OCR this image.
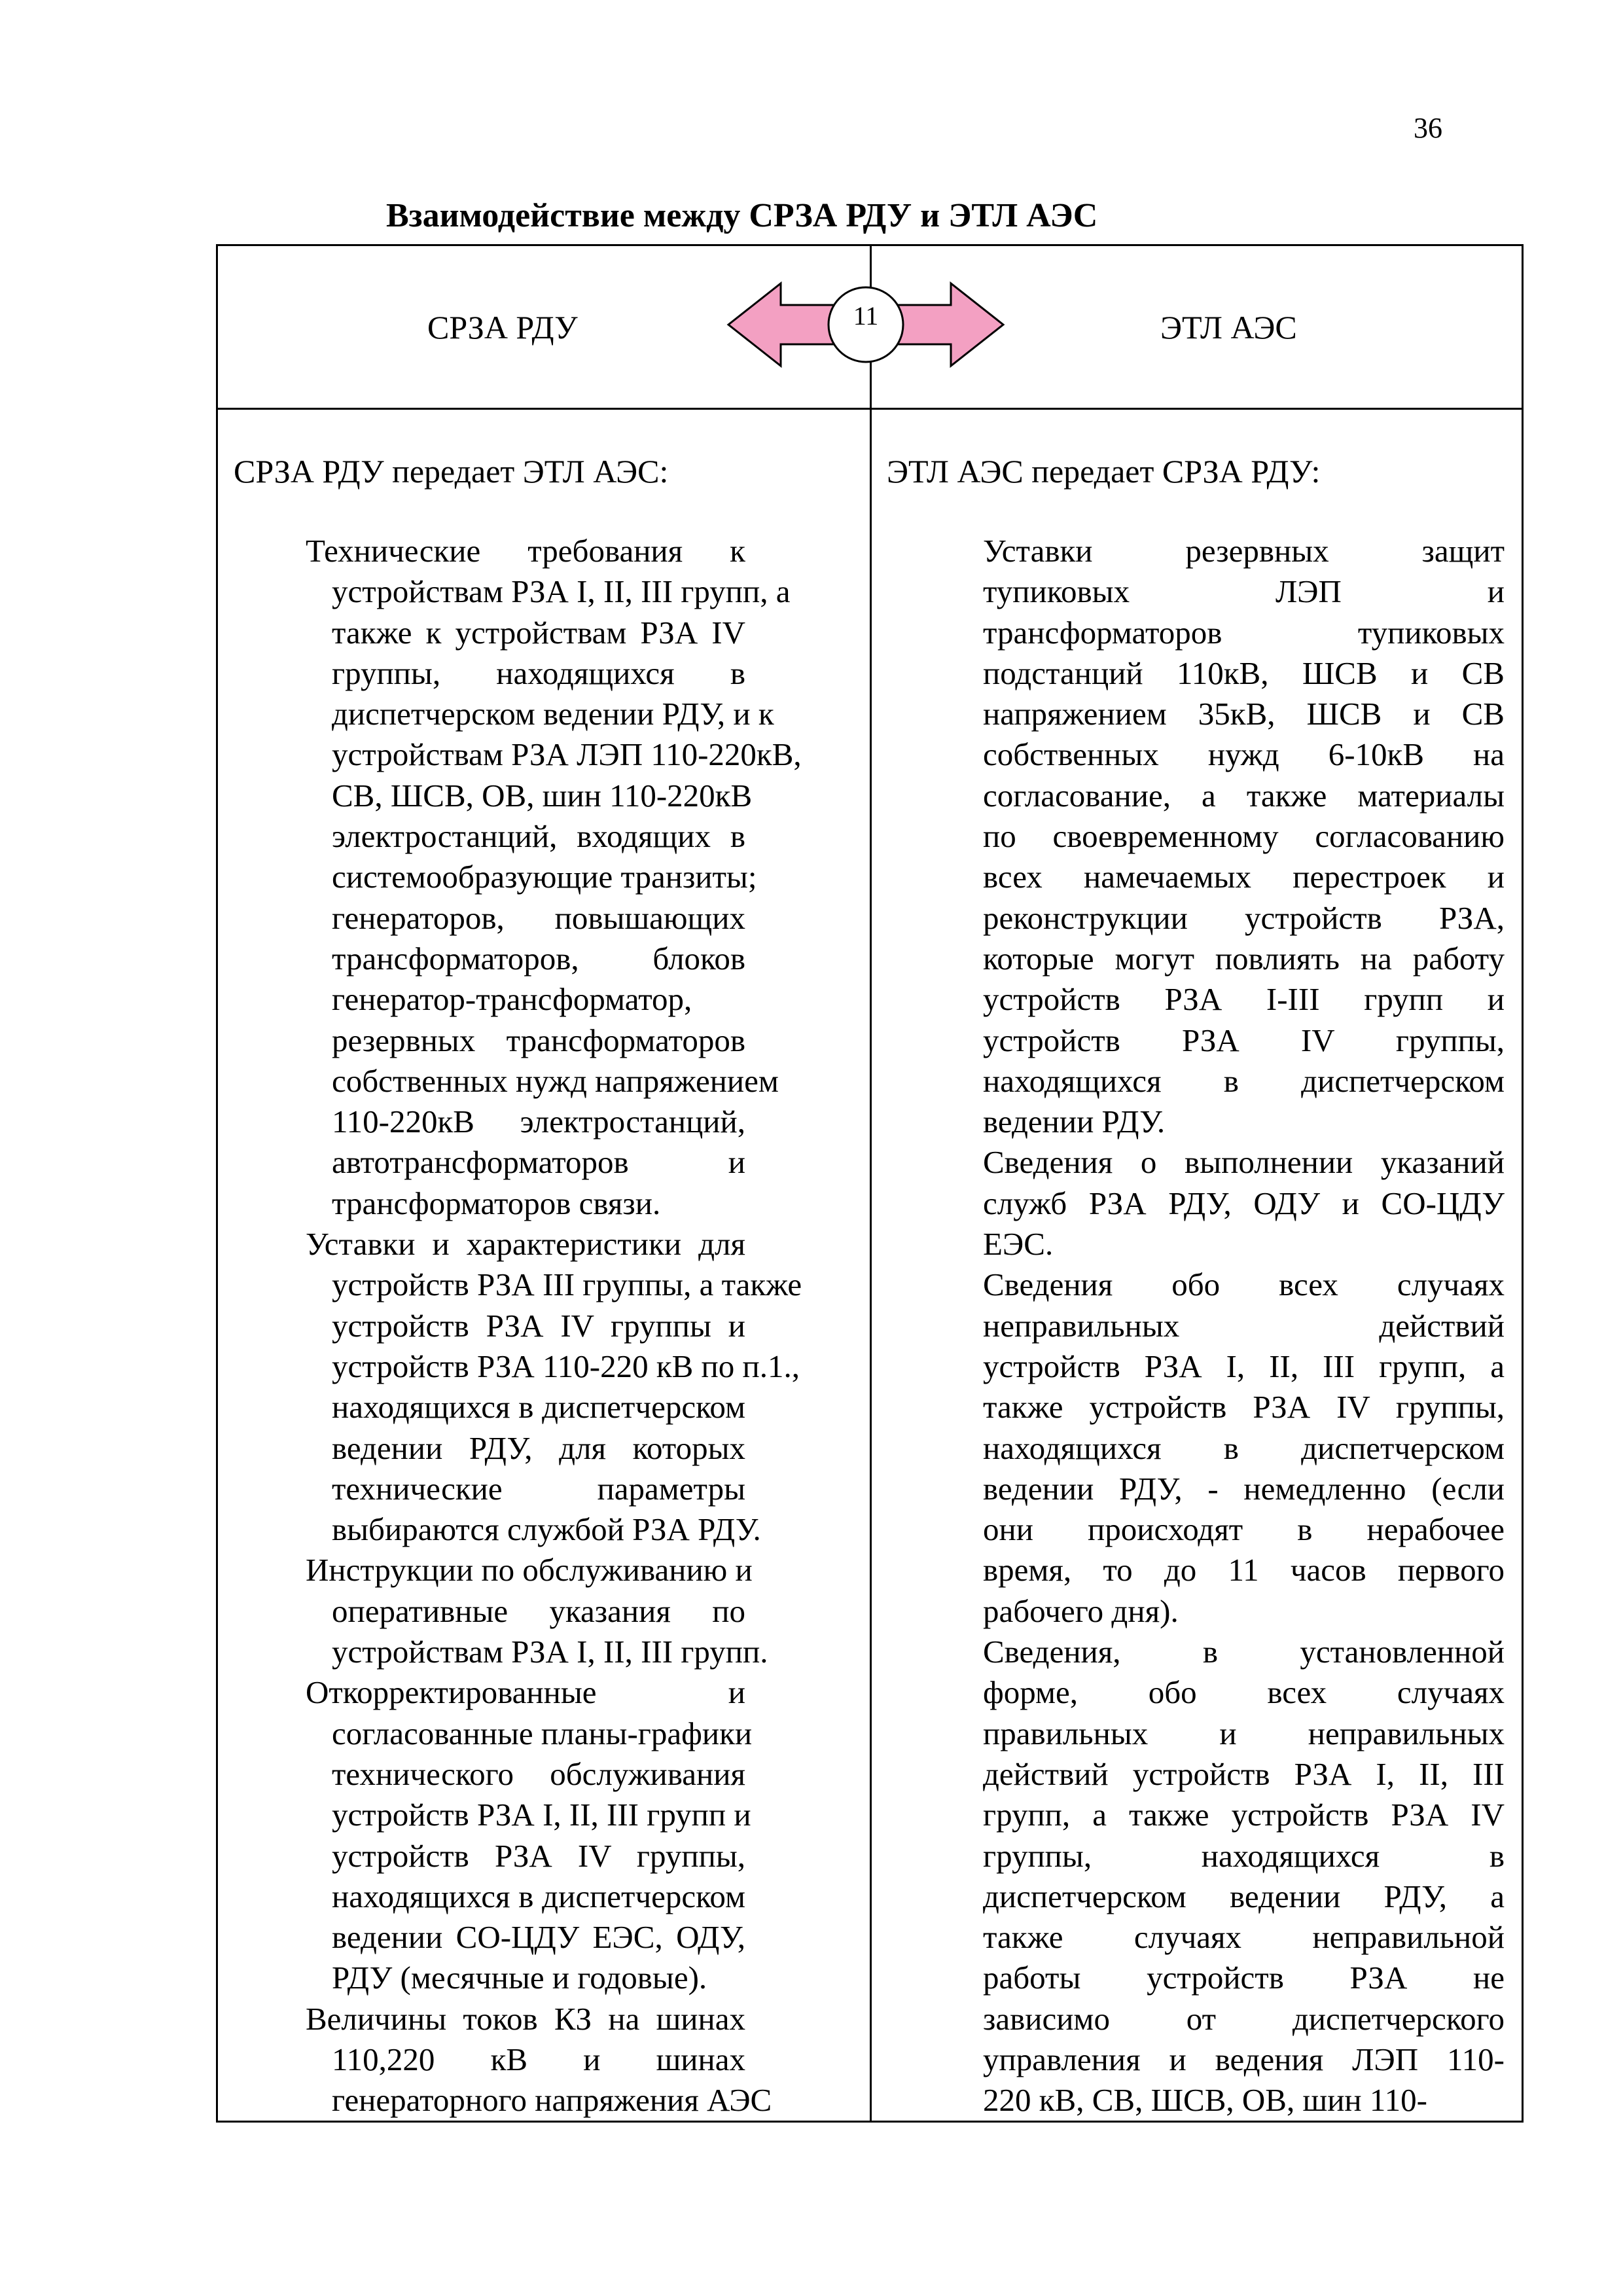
36
Взаимодействие между СРЗА РДУ и ЭТЛ АЭС
СРЗА РДУ	ЭТЛ АЭС
11
СРЗА РДУ передает ЭТЛ АЭС:	ЭТЛ АЭС передает СРЗА РДУ:
Технические требования к
устройствам РЗА I, II, III групп, а
также к устройствам РЗА IV
группы, находящихся в
диспетчерском ведении РДУ, и к
устройствам РЗА ЛЭП 110-220кВ,
СВ, ШСВ, ОВ, шин 110-220кВ
электростанций, входящих в
системообразующие транзиты;
генераторов, повышающих
трансформаторов, блоков
генератор-трансформатор,
резервных трансформаторов
собственных нужд напряжением
110-220кВ электростанций,
автотрансформаторов и
трансформаторов связи.
Уставки и характеристики для
устройств РЗА III группы, а также
устройств РЗА IV группы и
устройств РЗА 110-220 кВ по п.1.,
находящихся в диспетчерском
ведении РДУ, для которых
технические параметры
выбираются службой РЗА РДУ.
Инструкции по обслуживанию и
оперативные указания по
устройствам РЗА I, II, III групп.
Откорректированные и
согласованные планы-графики
технического обслуживания
устройств РЗА I, II, III групп и
устройств РЗА IV группы,
находящихся в диспетчерском
ведении СО-ЦДУ ЕЭС, ОДУ,
РДУ (месячные и годовые).
Величины токов КЗ на шинах
110,220 кВ и шинах
генераторного напряжения АЭС
Уставки резервных защит
тупиковых ЛЭП и
трансформаторов тупиковых
подстанций 110кВ, ШСВ и СВ
напряжением 35кВ, ШСВ и СВ
собственных нужд 6-10кВ на
согласование, а также материалы
по своевременному согласованию
всех намечаемых перестроек и
реконструкции устройств РЗА,
которые могут повлиять на работу
устройств РЗА I-III групп и
устройств РЗА IV группы,
находящихся в диспетчерском
ведении РДУ.
Сведения о выполнении указаний
служб РЗА РДУ, ОДУ и СО-ЦДУ
ЕЭС.
Сведения обо всех случаях
неправильных действий
устройств РЗА I, II, III групп, а
также устройств РЗА IV группы,
находящихся в диспетчерском
ведении РДУ, - немедленно (если
они происходят в нерабочее
время, то до 11 часов первого
рабочего дня).
Сведения, в установленной
форме, обо всех случаях
правильных и неправильных
действий устройств РЗА I, II, III
групп, а также устройств РЗА IV
группы, находящихся в
диспетчерском ведении РДУ, а
также случаях неправильной
работы устройств РЗА не
зависимо от диспетчерского
управления и ведения ЛЭП 110-
220 кВ, СВ, ШСВ, ОВ, шин 110-
